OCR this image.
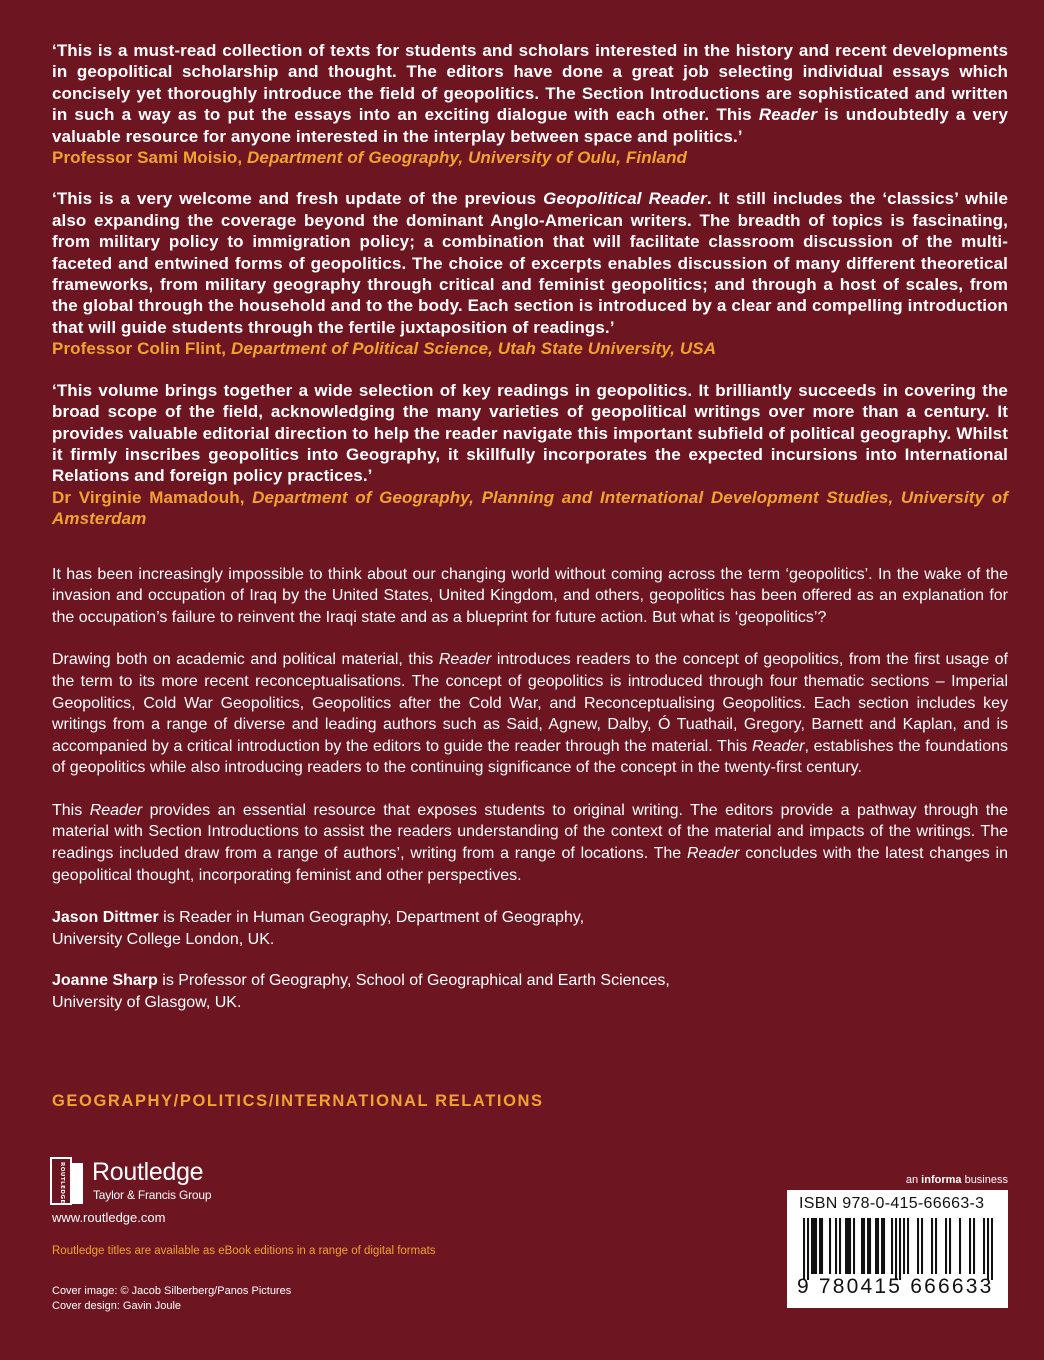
‘This is a must-read collection of texts for students and scholars interested in the history and recent developments in geopolitical scholarship and thought. The editors have done a great job selecting individual essays which concisely yet thoroughly introduce the field of geopolitics. The Section Introductions are sophisticated and written in such a way as to put the essays into an exciting dialogue with each other. This Reader is undoubtedly a very valuable resource for anyone interested in the interplay between space and politics.’

Professor Sami Moisio, Department of Geography, University of Oulu, Finland

‘This is a very welcome and fresh update of the previous Geopolitical Reader. It still includes the ‘classics’ while also expanding the coverage beyond the dominant Anglo-American writers. The breadth of topics is fascinating, from military policy to immigration policy; a combination that will facilitate classroom discussion of the multi-faceted and entwined forms of geopolitics. The choice of excerpts enables discussion of many different theoretical frameworks, from military geography through critical and feminist geopolitics; and through a host of scales, from the global through the household and to the body. Each section is introduced by a clear and compelling introduction that will guide students through the fertile juxtaposition of readings.’

Professor Colin Flint, Department of Political Science, Utah State University, USA

‘This volume brings together a wide selection of key readings in geopolitics. It brilliantly succeeds in covering the broad scope of the field, acknowledging the many varieties of geopolitical writings over more than a century. It provides valuable editorial direction to help the reader navigate this important subfield of political geography. Whilst it firmly inscribes geopolitics into Geography, it skillfully incorporates the expected incursions into International Relations and foreign policy practices.’

Dr Virginie Mamadouh, Department of Geography, Planning and International Development Studies, University of Amsterdam

It has been increasingly impossible to think about our changing world without coming across the term ‘geopolitics’. In the wake of the invasion and occupation of Iraq by the United States, United Kingdom, and others, geopolitics has been offered as an explanation for the occupation’s failure to reinvent the Iraqi state and as a blueprint for future action. But what is ‘geopolitics’?

Drawing both on academic and political material, this Reader introduces readers to the concept of geopolitics, from the first usage of the term to its more recent reconceptualisations. The concept of geopolitics is introduced through four thematic sections – Imperial Geopolitics, Cold War Geopolitics, Geopolitics after the Cold War, and Reconceptualising Geopolitics. Each section includes key writings from a range of diverse and leading authors such as Said, Agnew, Dalby, Ó Tuathail, Gregory, Barnett and Kaplan, and is accompanied by a critical introduction by the editors to guide the reader through the material. This Reader, establishes the foundations of geopolitics while also introducing readers to the continuing significance of the concept in the twenty-first century.

This Reader provides an essential resource that exposes students to original writing. The editors provide a pathway through the material with Section Introductions to assist the readers understanding of the context of the material and impacts of the writings. The readings included draw from a range of authors’, writing from a range of locations. The Reader concludes with the latest changes in geopolitical thought, incorporating feminist and other perspectives.

Jason Dittmer is Reader in Human Geography, Department of Geography,
University College London, UK.
Joanne Sharp is Professor of Geography, School of Geographical and Earth Sciences,
University of Glasgow, UK.
GEOGRAPHY/POLITICS/INTERNATIONAL RELATIONS
ROUTLEDGE Routledge
Taylor & Francis Group
www.routledge.com
Routledge titles are available as eBook editions in a range of digital formats
Cover image: © Jacob Silberberg/Panos Pictures
Cover design: Gavin Joule
an informa business
ISBN 978-0-415-66663-3
9 780415 666633
